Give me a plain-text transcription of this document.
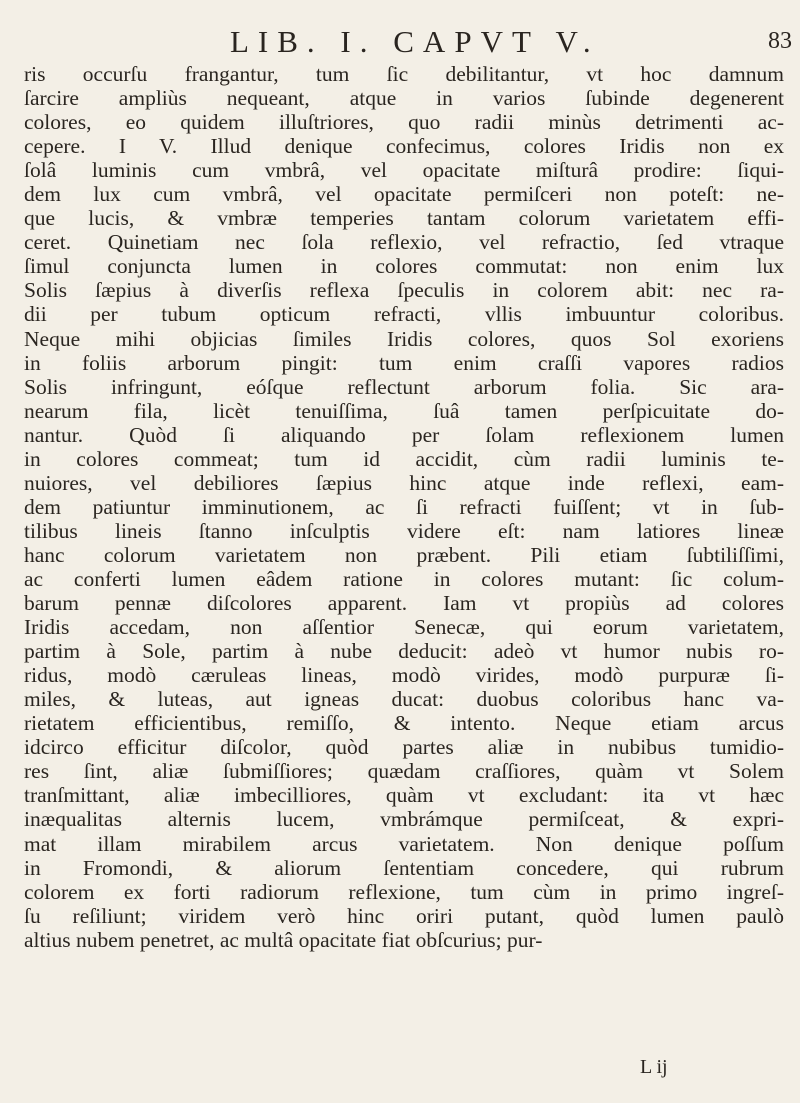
LIB. I. CAPVT V.	83
ris occurſu frangantur, tum ſic debilitantur, vt hoc damnum
ſarcire ampliùs nequeant, atque in varios ſubinde degenerent
colores, eo quidem illuſtriores, quo radii minùs detrimenti ac-
cepere. I V. Illud denique confecimus, colores Iridis non ex
ſolâ luminis cum vmbrâ, vel opacitate miſturâ prodire: ſiqui-
dem lux cum vmbrâ, vel opacitate permiſceri non poteſt: ne-
que lucis, & vmbræ temperies tantam colorum varietatem effi-
ceret. Quinetiam nec ſola reflexio, vel refractio, ſed vtraque
ſimul conjuncta lumen in colores commutat: non enim lux
Solis ſæpius à diverſis reflexa ſpeculis in colorem abit: nec ra-
dii per tubum opticum refracti, vllis imbuuntur coloribus.
Neque mihi objicias ſimiles Iridis colores, quos Sol exoriens
in foliis arborum pingit: tum enim craſſi vapores radios
Solis infringunt, eóſque reflectunt arborum folia. Sic ara-
nearum fila, licèt tenuiſſima, ſuâ tamen perſpicuitate do-
nantur. Quòd ſi aliquando per ſolam reflexionem lumen
in colores commeat; tum id accidit, cùm radii luminis te-
nuiores, vel debiliores ſæpius hinc atque inde reflexi, eam-
dem patiuntur imminutionem, ac ſi refracti fuiſſent; vt in ſub-
tilibus lineis ſtanno inſculptis videre eſt: nam latiores lineæ
hanc colorum varietatem non præbent. Pili etiam ſubtiliſſimi,
ac conferti lumen eâdem ratione in colores mutant: ſic colum-
barum pennæ diſcolores apparent. Iam vt propiùs ad colores
Iridis accedam, non aſſentior Senecæ, qui eorum varietatem,
partim à Sole, partim à nube deducit: adeò vt humor nubis ro-
ridus, modò cæruleas lineas, modò virides, modò purpuræ ſi-
miles, & luteas, aut igneas ducat: duobus coloribus hanc va-
rietatem efficientibus, remiſſo, & intento. Neque etiam arcus
idcirco efficitur diſcolor, quòd partes aliæ in nubibus tumidio-
res ſint, aliæ ſubmiſſiores; quædam craſſiores, quàm vt Solem
tranſmittant, aliæ imbecilliores, quàm vt excludant: ita vt hæc
inæqualitas alternis lucem, vmbrámque permiſceat, & expri-
mat illam mirabilem arcus varietatem. Non denique poſſum
in Fromondi, & aliorum ſententiam concedere, qui rubrum
colorem ex forti radiorum reflexione, tum cùm in primo ingreſ-
ſu reſiliunt; viridem verò hinc oriri putant, quòd lumen paulò
altius nubem penetret, ac multâ opacitate fiat obſcurius; pur-
L ij
